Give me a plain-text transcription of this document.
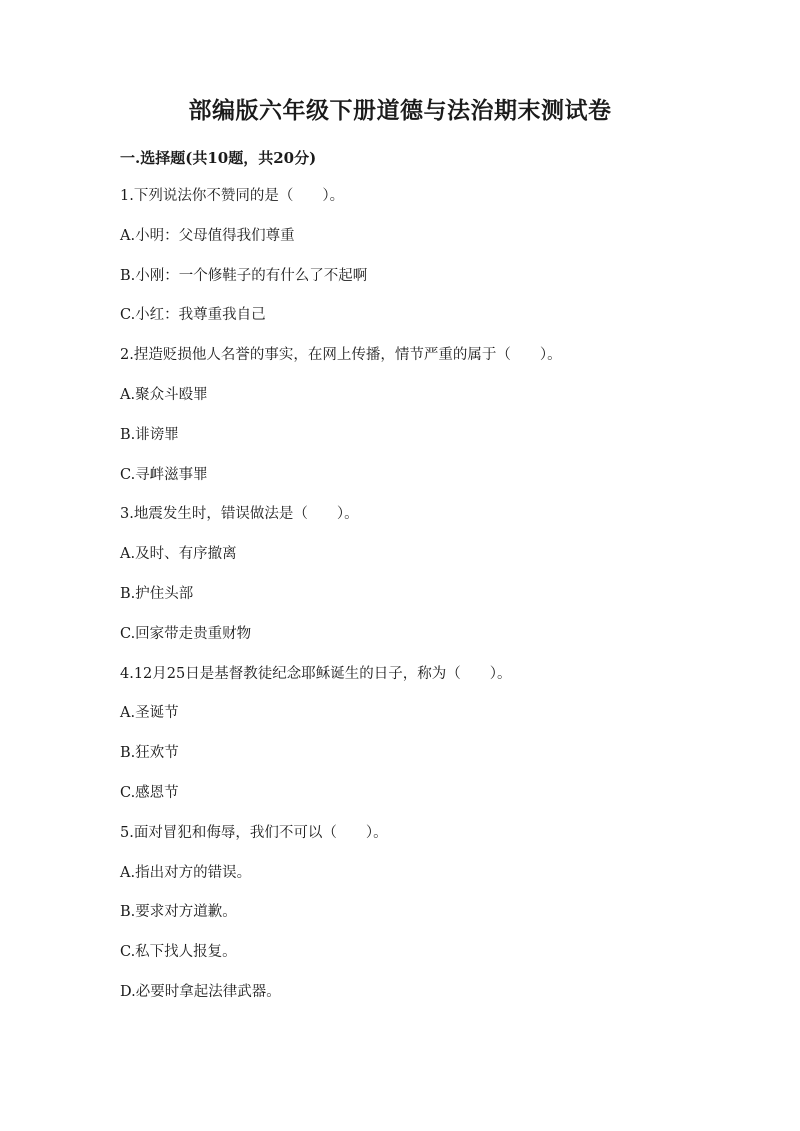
部编版六年级下册道德与法治期末测试卷
一.选择题(共10题，共20分)
1.下列说法你不赞同的是（　　）。
A.小明：父母值得我们尊重
B.小刚：一个修鞋子的有什么了不起啊
C.小红：我尊重我自己
2.捏造贬损他人名誉的事实，在网上传播，情节严重的属于（　　）。
A.聚众斗殴罪
B.诽谤罪
C.寻衅滋事罪
3.地震发生时，错误做法是（　　）。
A.及时、有序撤离
B.护住头部
C.回家带走贵重财物
4.12月25日是基督教徒纪念耶稣诞生的日子，称为（　　）。
A.圣诞节
B.狂欢节
C.感恩节
5.面对冒犯和侮辱，我们不可以（　　）。
A.指出对方的错误。
B.要求对方道歉。
C.私下找人报复。
D.必要时拿起法律武器。
